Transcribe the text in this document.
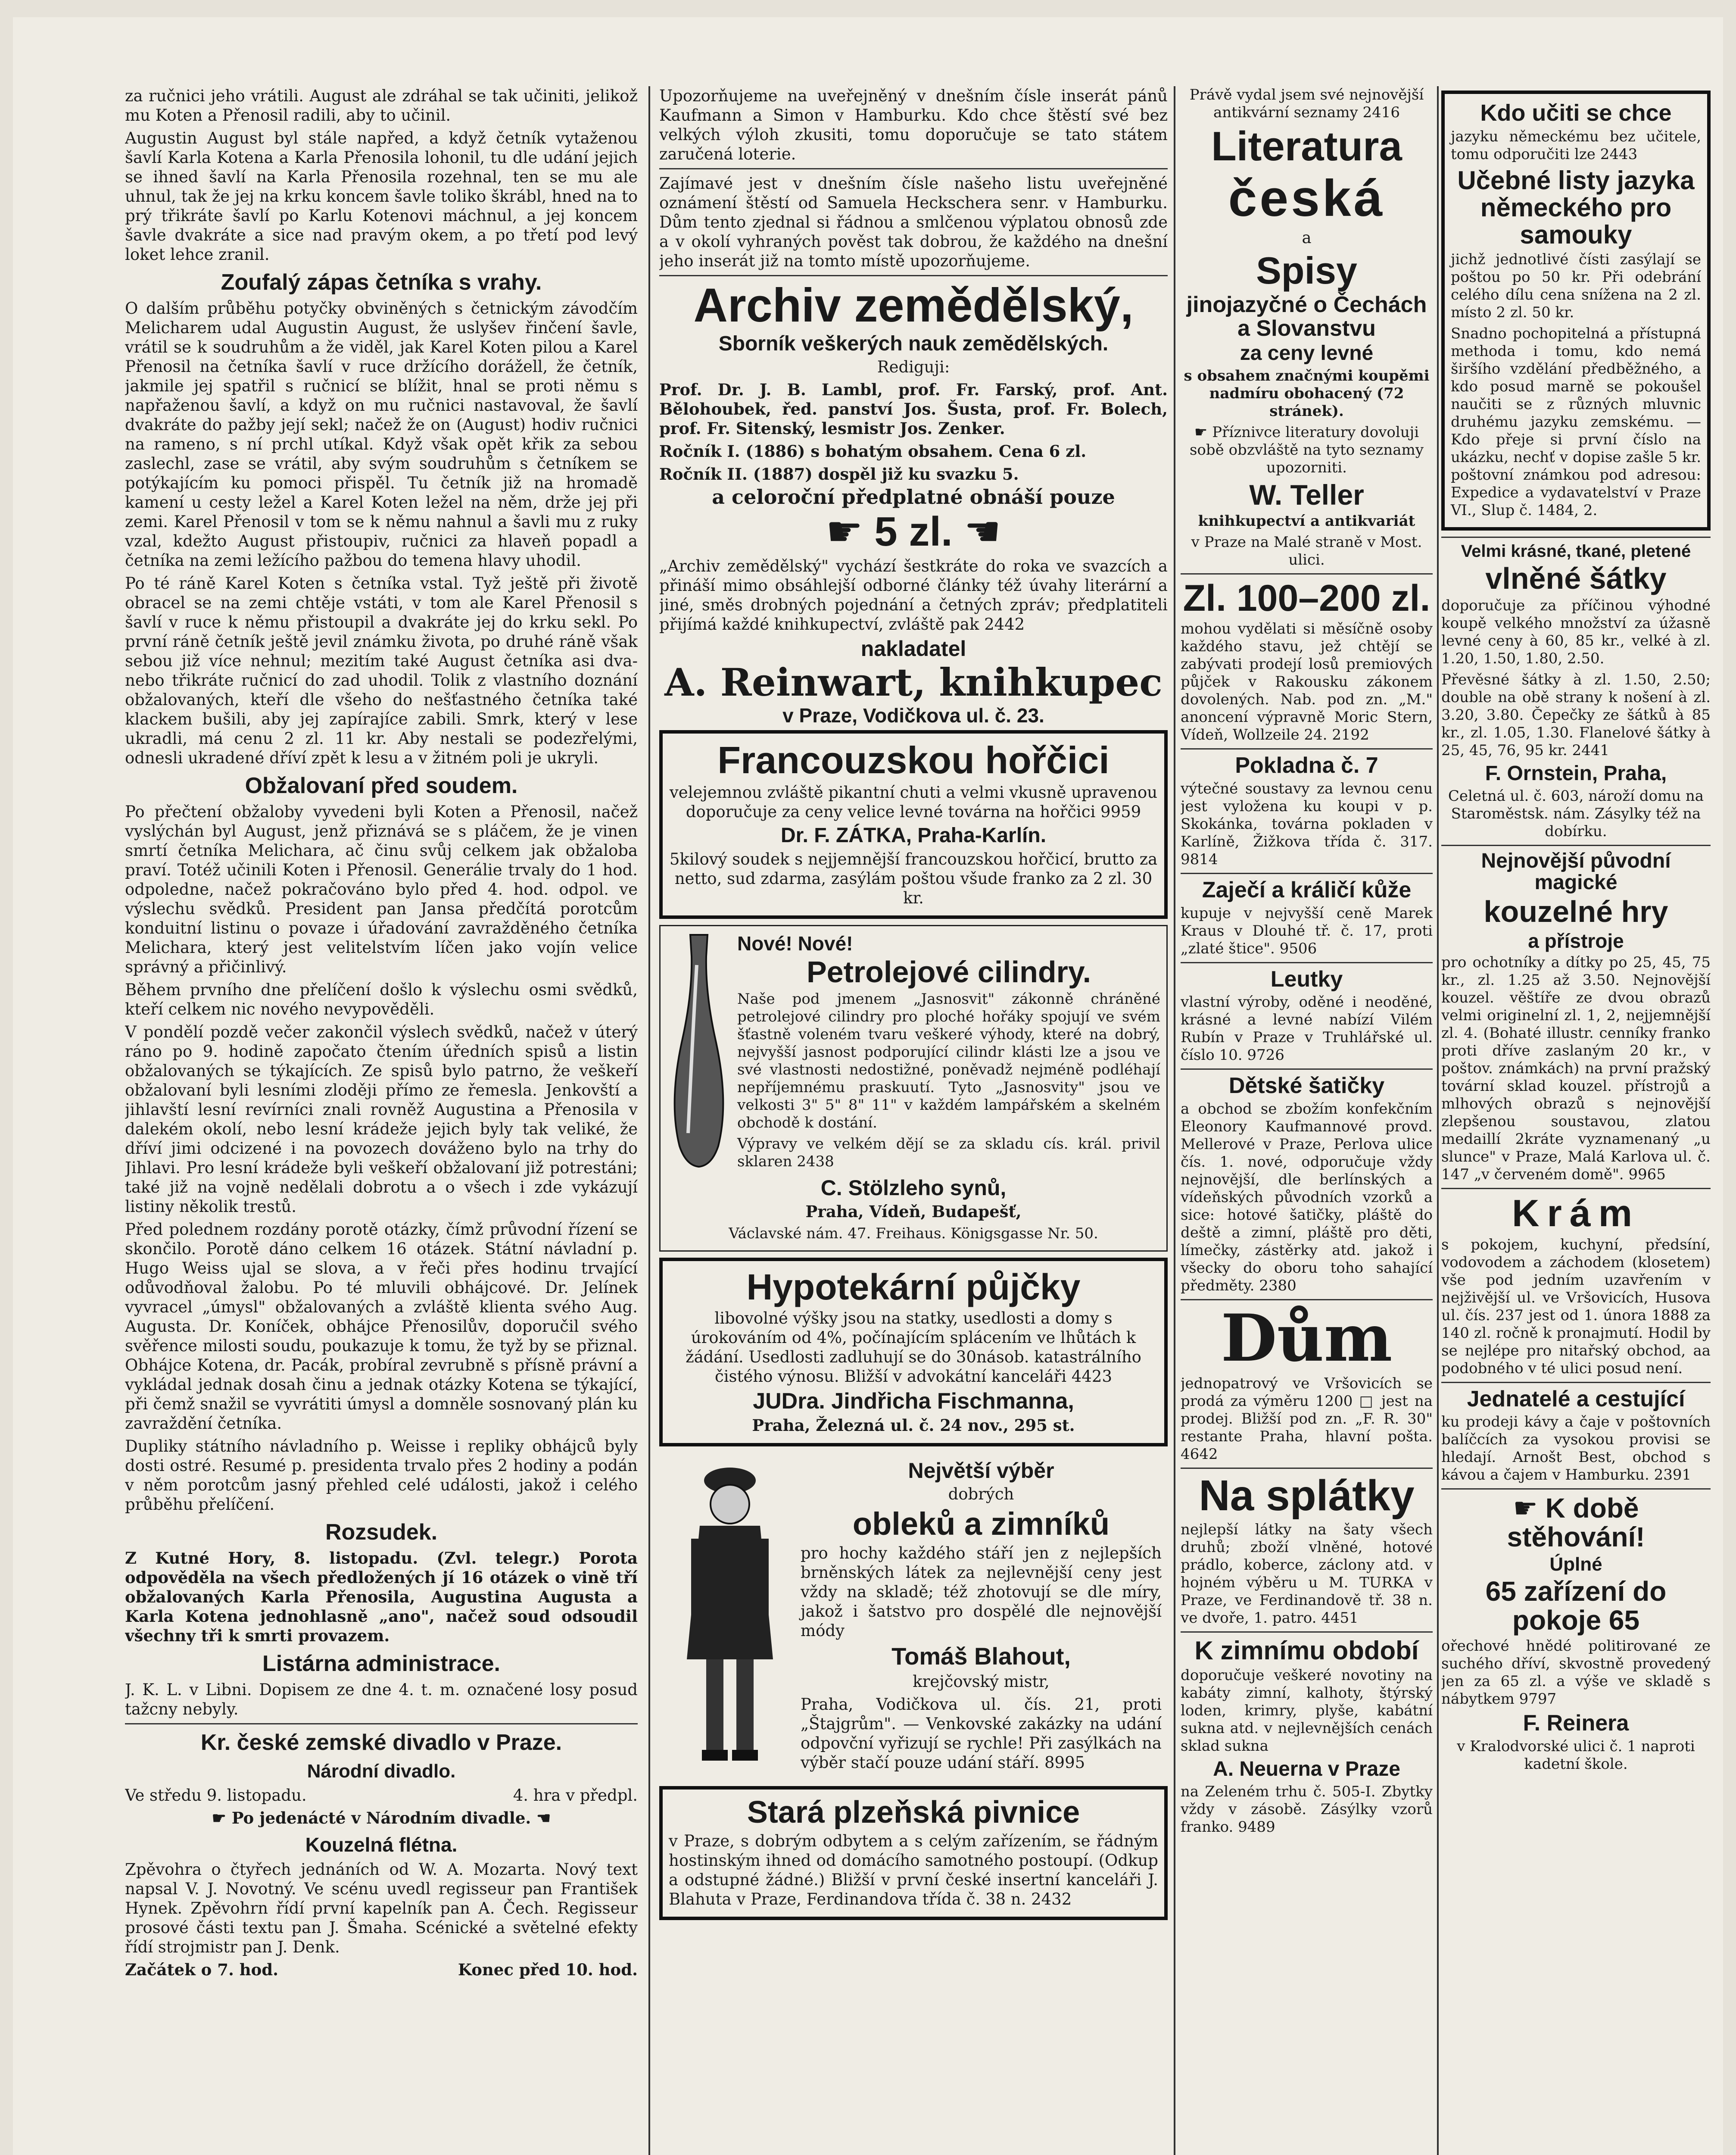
za ručnici jeho vrátili. August ale zdráhal se tak učiniti, jelikož mu Koten a Přenosil radili, aby to učinil.

Augustin August byl stále napřed, a když četník vytaženou šavlí Karla Kotena a Karla Přenosila lohonil, tu dle udání jejich se ihned šavlí na Karla Přenosila rozehnal, ten se mu ale uhnul, tak že jej na krku koncem šavle toliko škrábl, hned na to prý třikráte šavlí po Karlu Kotenovi máchnul, a jej koncem šavle dvakráte a sice nad pravým okem, a po třetí pod levý loket lehce zranil.

Zoufalý zápas četníka s vrahy.

O dalším průběhu potyčky obviněných s četnickým závodčím Melicharem udal Augustin August, že uslyšev řinčení šavle, vrátil se k soudruhům a že viděl, jak Karel Koten pilou a Karel Přenosil na četníka šavlí v ruce držícího dorážell, že četník, jakmile jej spatřil s ručnicí se blížit, hnal se proti němu s napřaženou šavlí, a když on mu ručnici nastavoval, že šavlí dvakráte do pažby její sekl; načež že on (August) hodiv ručnici na rameno, s ní prchl utíkal. Když však opět křik za sebou zaslechl, zase se vrátil, aby svým soudruhům s četníkem se potýkajícím ku pomoci přispěl. Tu četník již na hromadě kamení u cesty ležel a Karel Koten ležel na něm, drže jej při zemi. Karel Přenosil v tom se k němu nahnul a šavli mu z ruky vzal, kdežto August přistoupiv, ručnici za hlaveň popadl a četníka na zemi ležícího pažbou do temena hlavy uhodil.

Po té ráně Karel Koten s četníka vstal. Tyž ještě při životě obracel se na zemi chtěje vstáti, v tom ale Karel Přenosil s šavlí v ruce k němu přistoupil a dvakráte jej do krku sekl. Po první ráně četník ještě jevil známku života, po druhé ráně však sebou již více nehnul; mezitím také August četníka asi dva- nebo třikráte ručnicí do zad uhodil. Tolik z vlastního doznání obžalovaných, kteří dle všeho do nešťastného četníka také klackem bušili, aby jej zapírajíce zabili. Smrk, který v lese ukradli, má cenu 2 zl. 11 kr. Aby nestali se podezřelými, odnesli ukradené dříví zpět k lesu a v žitném poli je ukryli.

Obžalovaní před soudem.

Po přečtení obžaloby vyvedeni byli Koten a Přenosil, načež vyslýchán byl August, jenž přiznává se s pláčem, že je vinen smrtí četníka Melichara, ač činu svůj celkem jak obžaloba praví. Totéž učinili Koten i Přenosil. Generálie trvaly do 1 hod. odpoledne, načež pokračováno bylo před 4. hod. odpol. ve výslechu svědků. President pan Jansa předčítá porotcům konduitní listinu o povaze i úřadování zavražděného četníka Melichara, který jest velitelstvím líčen jako vojín velice správný a přičinlivý.

Během prvního dne přelíčení došlo k výslechu osmi svědků, kteří celkem nic nového nevypověděli.

V pondělí pozdě večer zakončil výslech svědků, načež v úterý ráno po 9. hodině započato čtením úředních spisů a listin obžalovaných se týkajících. Ze spisů bylo patrno, že veškeří obžalovaní byli lesními zloději přímo ze řemesla. Jenkovští a jihlavští lesní revírníci znali rovněž Augustina a Přenosila v dalekém okolí, nebo lesní krádeže jejich byly tak veliké, že dříví jimi odcizené i na povozech dováženo bylo na trhy do Jihlavi. Pro lesní krádeže byli veškeří obžalovaní již potrestáni; také již na vojně nedělali dobrotu a o všech i zde vykázují listiny několik trestů.

Před polednem rozdány porotě otázky, čímž průvodní řízení se skončilo. Porotě dáno celkem 16 otázek. Státní návladní p. Hugo Weiss ujal se slova, a v řeči přes hodinu trvající odůvodňoval žalobu. Po té mluvili obhájcové. Dr. Jelínek vyvracel „úmysl" obžalovaných a zvláště klienta svého Aug. Augusta. Dr. Koníček, obhájce Přenosilův, doporučil svého svěřence milosti soudu, poukazuje k tomu, že tyž by se přiznal. Obhájce Kotena, dr. Pacák, probíral zevrubně s přísně právní a vykládal jednak dosah činu a jednak otázky Kotena se týkající, při čemž snažil se vyvrátiti úmysl a domněle sosnovaný plán ku zavraždění četníka.

Dupliky státního návladního p. Weisse i repliky obhájců byly dosti ostré. Resumé p. presidenta trvalo přes 2 hodiny a podán v něm porotcům jasný přehled celé události, jakož i celého průběhu přelíčení.

Rozsudek.

Z Kutné Hory, 8. listopadu. (Zvl. telegr.) Porota odpověděla na všech předložených jí 16 otázek o vině tří obžalovaných Karla Přenosila, Augustina Augusta a Karla Kotena jednohlasně „ano", načež soud odsoudil všechny tři k smrti provazem.

Listárna administrace.

J. K. L. v Libni. Dopisem ze dne 4. t. m. označené losy posud tažcny nebyly.

Kr. české zemské divadlo v Praze.
Národní divadlo.

Ve středu 9. listopadu.	4. hra v předpl.

☛ Po jedenácté v Národním divadle. ☚

Kouzelná flétna.

Zpěvohra o čtyřech jednáních od W. A. Mozarta. Nový text napsal V. J. Novotný. Ve scénu uvedl regisseur pan František Hynek. Zpěvohrn řídí první kapelník pan A. Čech. Regisseur prosové části textu pan J. Šmaha. Scénické a světelné efekty řídí strojmistr pan J. Denk.

Začátek o 7. hod.	Konec před 10. hod.

Upozorňujeme na uveřejněný v dnešním čísle inserát pánů Kaufmann a Simon v Hamburku. Kdo chce štěstí své bez velkých výloh zkusiti, tomu doporučuje se tato státem zaručená loterie.

Zajímavé jest v dnešním čísle našeho listu uveřejněné oznámení štěstí od Samuela Heckschera senr. v Hamburku. Dům tento zjednal si řádnou a smlčenou výplatou obnosů zde a v okolí vyhraných pověst tak dobrou, že každého na dnešní jeho inserát již na tomto místě upozorňujeme.

Archiv zemědělský,
Sborník veškerých nauk zemědělských.

Rediguji:

Prof. Dr. J. B. Lambl, prof. Fr. Farský, prof. Ant. Bělohoubek, řed. panství Jos. Šusta, prof. Fr. Bolech, prof. Fr. Sitenský, lesmistr Jos. Zenker.

Ročník I. (1886) s bohatým obsahem. Cena 6 zl.

Ročník II. (1887) dospěl již ku svazku 5.

a celoroční předplatné obnáší pouze

☛ 5 zl. ☚

„Archiv zemědělský" vychází šestkráte do roka ve svazcích a přináší mimo obsáhlejší odborné články též úvahy literární a jiné, směs drobných pojednání a četných zpráv; předplatiteli přijímá každé knihkupectví, zvláště pak 2442

nakladatel
A. Reinwart, knihkupec
v Praze, Vodičkova ul. č. 23.
Francouzskou hořčici

velejemnou zvláště pikantní chuti a velmi vkusně upravenou doporučuje za ceny velice levné továrna na hořčici 9959

Dr. F. ZÁTKA, Praha-Karlín.

5kilový soudek s nejjemnější francouzskou hořčicí, brutto za netto, sud zdarma, zasýlám poštou všude franko za 2 zl. 30 kr.

Nové! Nové!
Petrolejové cilindry.

Naše pod jmenem „Jasnosvit" zákonně chráněné petrolejové cilindry pro ploché hořáky spojují ve svém šťastně voleném tvaru veškeré výhody, které na dobrý, nejvyšší jasnost podporující cilindr klásti lze a jsou ve své vlastnosti nedostižné, poněvadž nejméně podléhají nepříjemnému praskuutí. Tyto „Jasnosvity" jsou ve velkosti 3" 5" 8" 11" v každém lampářském a skelném obchodě k dostání.

Výpravy ve velkém dějí se za skladu cís. král. privil sklaren 2438

C. Stölzleho synů,

Praha, Vídeň, Budapešť,

Václavské nám. 47. Freihaus. Königsgasse Nr. 50.

Hypotekární půjčky

libovolné výšky jsou na statky, usedlosti a domy s úrokováním od 4%, počínajícím splácením ve lhůtách k žádání. Usedlosti zadluhují se do 30násob. katastrálního čistého výnosu. Bližší v advokátní kanceláři 4423

JUDra. Jindřicha Fischmanna,

Praha, Železná ul. č. 24 nov., 295 st.

Největší výběr

dobrých

obleků a zimníků

pro hochy každého stáří jen z nejlepších brněnských látek za nejlevnější ceny jest vždy na skladě; též zhotovují se dle míry, jakož i šatstvo pro dospělé dle nejnovější módy

Tomáš Blahout,

krejčovský mistr,

Praha, Vodičkova ul. čís. 21, proti „Štajgrům". — Venkovské zakázky na udání odpovční vyřizují se rychle! Při zasýlkách na výběr stačí pouze udání stáří. 8995

Stará plzeňská pivnice

v Praze, s dobrým odbytem a s celým zařízením, se řádným hostinským ihned od domácího samotného postoupí. (Odkup a odstupné žádné.) Bližší v první české insertní kanceláři J. Blahuta v Praze, Ferdinandova třída č. 38 n. 2432

Právě vydal jsem své nejnovější antikvární seznamy 2416

Literatura
česká

a

Spisy
jinojazyčné o Čechách a Slovanstvu
za ceny levné

s obsahem značnými koupěmi nadmíru obohacený (72 stránek).

☛ Příznivce literatury dovoluji sobě obzvláště na tyto seznamy upozorniti.

W. Teller

knihkupectví a antikvariát

v Praze na Malé straně v Most. ulici.

Zl. 100–200 zl.

mohou vydělati si měsíčně osoby každého stavu, jež chtějí se zabývati prodejí losů premiových půjček v Rakousku zákonem dovolených. Nab. pod zn. „M." anoncení výpravně Moric Stern, Vídeň, Wollzeile 24. 2192

Pokladna č. 7

výtečné soustavy za levnou cenu jest vyložena ku koupi v p. Skokánka, továrna pokladen v Karlíně, Žižkova třída č. 317. 9814

Zaječí a králičí kůže

kupuje v nejvyšší ceně Marek Kraus v Dlouhé tř. č. 17, proti „zlaté štice". 9506

Leutky

vlastní výroby, oděné i neoděné, krásné a levné nabízí Vilém Rubín v Praze v Truhlářské ul. číslo 10. 9726

Dětské šatičky

a obchod se zbožím konfekčním Eleonory Kaufmannové provd. Mellerové v Praze, Perlova ulice čís. 1. nové, odporučuje vždy nejnovější, dle berlínských a vídeňských původních vzorků a sice: hotové šatičky, pláště do deště a zimní, pláště pro děti, límečky, zástěrky atd. jakož i všecky do oboru toho sahající předměty. 2380

Dům

jednopatrový ve Vršovicích se prodá za výměru 1200 □ jest na prodej. Bližší pod zn. „F. R. 30" restante Praha, hlavní pošta. 4642

Na splátky

nejlepší látky na šaty všech druhů; zboží vlněné, hotové prádlo, koberce, záclony atd. v hojném výběru u M. TURKA v Praze, ve Ferdinandově tř. 38 n. ve dvoře, 1. patro. 4451

K zimnímu období

doporučuje veškeré novotiny na kabáty zimní, kalhoty, štýrský loden, krimry, plyše, kabátní sukna atd. v nejlevnějších cenách sklad sukna

A. Neuerna v Praze

na Zeleném trhu č. 505-I. Zbytky vždy v zásobě. Zásýlky vzorů franko. 9489

Kdo učiti se chce

jazyku německému bez učitele, tomu odporučiti lze 2443

Učebné listy jazyka německého pro samouky

jichž jednotlivé čísti zasýlají se poštou po 50 kr. Při odebrání celého dílu cena snížena na 2 zl. místo 2 zl. 50 kr.

Snadno pochopitelná a přístupná methoda i tomu, kdo nemá širšího vzdělání předběžného, a kdo posud marně se pokoušel naučiti se z různých mluvnic druhému jazyku zemskému. — Kdo přeje si první číslo na ukázku, nechť v dopise zašle 5 kr. poštovní známkou pod adresou: Expedice a vydavatelství v Praze VI., Slup č. 1484, 2.

Velmi krásné, tkané, pletené
vlněné šátky

doporučuje za příčinou výhodné koupě velkého množství za úžasně levné ceny à 60, 85 kr., velké à zl. 1.20, 1.50, 1.80, 2.50.

Převěsné šátky à zl. 1.50, 2.50; double na obě strany k nošení à zl. 3.20, 3.80. Čepečky ze šátků à 85 kr., zl. 1.05, 1.30. Flanelové šátky à 25, 45, 76, 95 kr. 2441

F. Ornstein, Praha,

Celetná ul. č. 603, nároží domu na Staroměstsk. nám. Zásylky též na dobírku.

Nejnovější původní magické
kouzelné hry
a přístroje

pro ochotníky a dítky po 25, 45, 75 kr., zl. 1.25 až 3.50. Nejnovější kouzel. věštíře ze dvou obrazů velmi originelní zl. 1, 2, nejjemnější zl. 4. (Bohaté illustr. cenníky franko proti dříve zaslaným 20 kr., v poštov. známkách) na první pražský tovární sklad kouzel. přístrojů a mlhových obrazů s nejnovější zlepšenou soustavou, zlatou medaillí 2kráte vyznamenaný „u slunce" v Praze, Malá Karlova ul. č. 147 „v červeném domě". 9965

Krám

s pokojem, kuchyní, předsíní, vodovodem a záchodem (klosetem) vše pod jedním uzavřením v nejživější ul. ve Vršovicích, Husova ul. čís. 237 jest od 1. února 1888 za 140 zl. ročně k pronajmutí. Hodil by se nejlépe pro nitařský obchod, aa podobného v té ulici posud není.

Jednatelé a cestující

ku prodeji kávy a čaje v poštovních balíčcích za vysokou provisi se hledají. Arnošt Best, obchod s kávou a čajem v Hamburku. 2391

☛ K době stěhování!
Úplné
65 zařízení do pokoje 65

ořechové hnědé politirované ze suchého dříví, skvostně provedený jen za 65 zl. a výše ve skladě s nábytkem 9797

F. Reinera

v Kralodvorské ulici č. 1 naproti kadetní škole.
